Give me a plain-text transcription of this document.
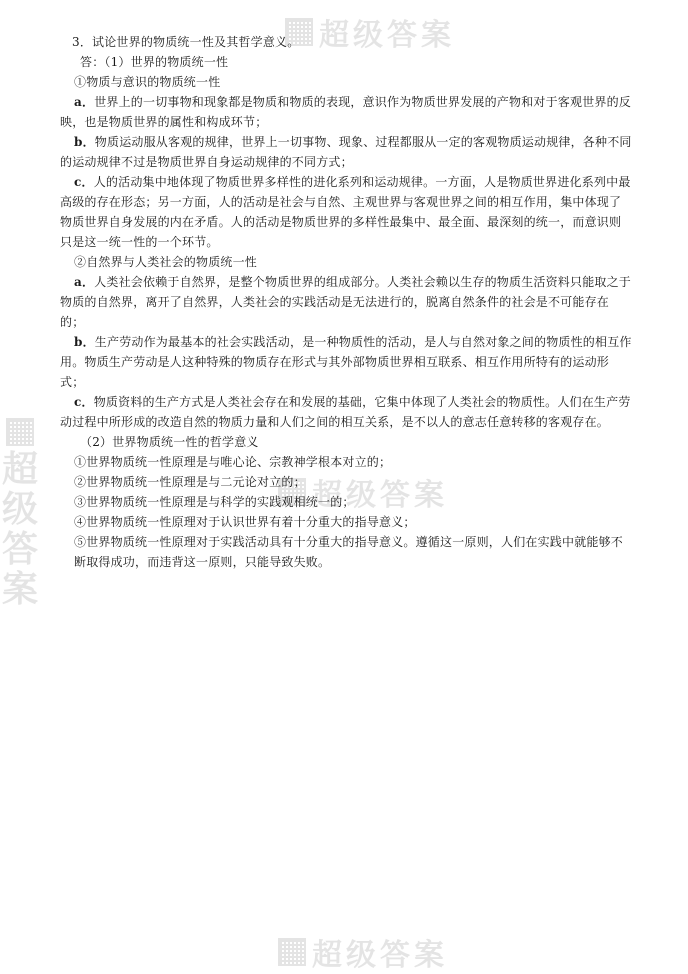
超级答案
超级答案
超级答案
超
级
答
案

3．试论世界的物质统一性及其哲学意义。

答：（1）世界的物质统一性

①物质与意识的物质统一性

a．世界上的一切事物和现象都是物质和物质的表现，意识作为物质世界发展的产物和对于客观世界的反映，也是物质世界的属性和构成环节；

b．物质运动服从客观的规律，世界上一切事物、现象、过程都服从一定的客观物质运动规律，各种不同的运动规律不过是物质世界自身运动规律的不同方式；

c．人的活动集中地体现了物质世界多样性的进化系列和运动规律。一方面，人是物质世界进化系列中最高级的存在形态；另一方面，人的活动是社会与自然、主观世界与客观世界之间的相互作用，集中体现了物质世界自身发展的内在矛盾。人的活动是物质世界的多样性最集中、最全面、最深刻的统一，而意识则只是这一统一性的一个环节。

②自然界与人类社会的物质统一性

a．人类社会依赖于自然界，是整个物质世界的组成部分。人类社会赖以生存的物质生活资料只能取之于物质的自然界，离开了自然界，人类社会的实践活动是无法进行的，脱离自然条件的社会是不可能存在的；

b．生产劳动作为最基本的社会实践活动，是一种物质性的活动，是人与自然对象之间的物质性的相互作用。物质生产劳动是人这种特殊的物质存在形式与其外部物质世界相互联系、相互作用所特有的运动形式；

c．物质资料的生产方式是人类社会存在和发展的基础，它集中体现了人类社会的物质性。人们在生产劳动过程中所形成的改造自然的物质力量和人们之间的相互关系，是不以人的意志任意转移的客观存在。

（2）世界物质统一性的哲学意义

①世界物质统一性原理是与唯心论、宗教神学根本对立的；

②世界物质统一性原理是与二元论对立的；

③世界物质统一性原理是与科学的实践观相统一的；

④世界物质统一性原理对于认识世界有着十分重大的指导意义；

⑤世界物质统一性原理对于实践活动具有十分重大的指导意义。遵循这一原则，人们在实践中就能够不断取得成功，而违背这一原则，只能导致失败。
